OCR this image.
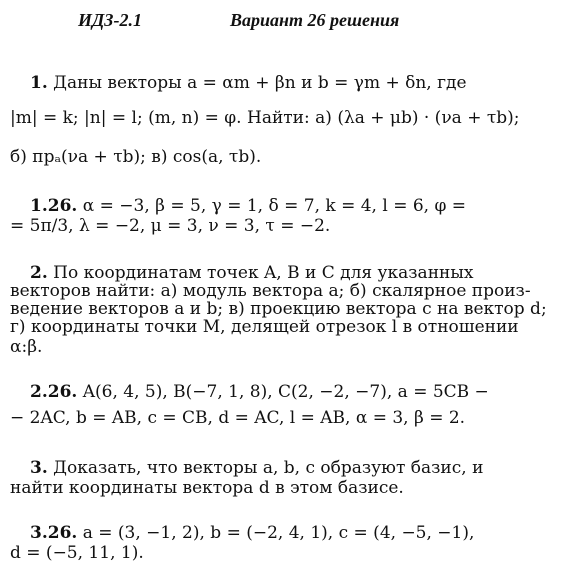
ИДЗ-2.1	Вариант 26 решения
1. Даны векторы a = αm + βn и b = γm + δn, где
|m| = k; |n| = l; (m, n) = φ. Найти: а) (λa + μb) · (νa + τb);
б) прₐ(νa + τb); в) cos(a, τb).
1.26. α = −3, β = 5, γ = 1, δ = 7, k = 4, l = 6, φ =
= 5π/3, λ = −2, μ = 3, ν = 3, τ = −2.
2. По координатам точек A, B и C для указанных
векторов найти: а) модуль вектора a; б) скалярное произ-
ведение векторов a и b; в) проекцию вектора c на вектор d;
г) координаты точки M, делящей отрезок l в отношении
α:β.
2.26. A(6, 4, 5), B(−7, 1, 8), C(2, −2, −7), a = 5CB −
− 2AC, b = AB, c = CB, d = AC, l = AB, α = 3, β = 2.
3. Доказать, что векторы a, b, c образуют базис, и
найти координаты вектора d в этом базисе.
3.26. a = (3, −1, 2), b = (−2, 4, 1), c = (4, −5, −1),
d = (−5, 11, 1).
